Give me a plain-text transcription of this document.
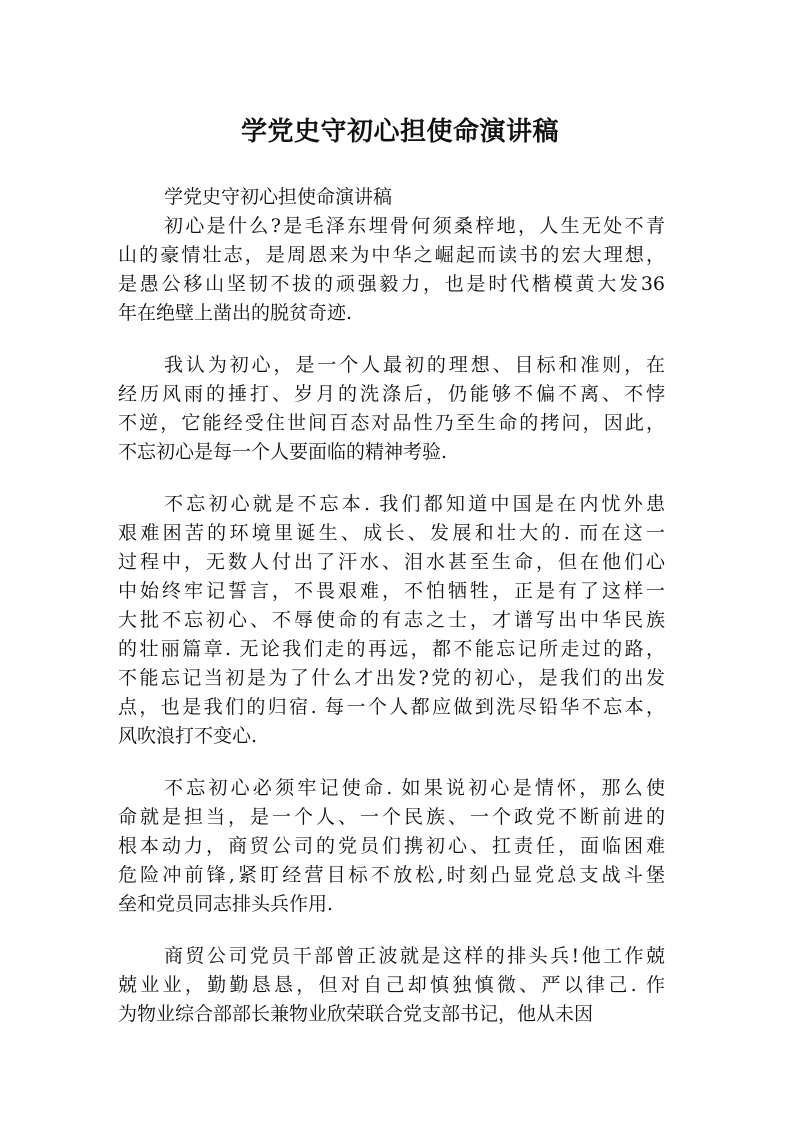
学党史守初心担使命演讲稿
学党史守初心担使命演讲稿
初心是什么?是毛泽东埋骨何须桑梓地，人生无处不青
山的豪情壮志，是周恩来为中华之崛起而读书的宏大理想，
是愚公移山坚韧不拔的顽强毅力，也是时代楷模黄大发36
年在绝壁上凿出的脱贫奇迹.
我认为初心，是一个人最初的理想、目标和准则，在
经历风雨的捶打、岁月的洗涤后，仍能够不偏不离、不悖
不逆，它能经受住世间百态对品性乃至生命的拷问，因此，
不忘初心是每一个人要面临的精神考验.
不忘初心就是不忘本. 我们都知道中国是在内忧外患
艰难困苦的环境里诞生、成长、发展和壮大的. 而在这一
过程中，无数人付出了汗水、泪水甚至生命，但在他们心
中始终牢记誓言，不畏艰难，不怕牺牲，正是有了这样一
大批不忘初心、不辱使命的有志之士，才谱写出中华民族
的壮丽篇章. 无论我们走的再远，都不能忘记所走过的路，
不能忘记当初是为了什么才出发?党的初心，是我们的出发
点，也是我们的归宿. 每一个人都应做到洗尽铅华不忘本，
风吹浪打不变心.
不忘初心必须牢记使命. 如果说初心是情怀，那么使
命就是担当，是一个人、一个民族、一个政党不断前进的
根本动力，商贸公司的党员们携初心、扛责任，面临困难
危险冲前锋,紧盯经营目标不放松,时刻凸显党总支战斗堡
垒和党员同志排头兵作用.
商贸公司党员干部曾正波就是这样的排头兵!他工作兢
兢业业，勤勤恳恳，但对自己却慎独慎微、严以律己. 作
为物业综合部部长兼物业欣荣联合党支部书记，他从未因
